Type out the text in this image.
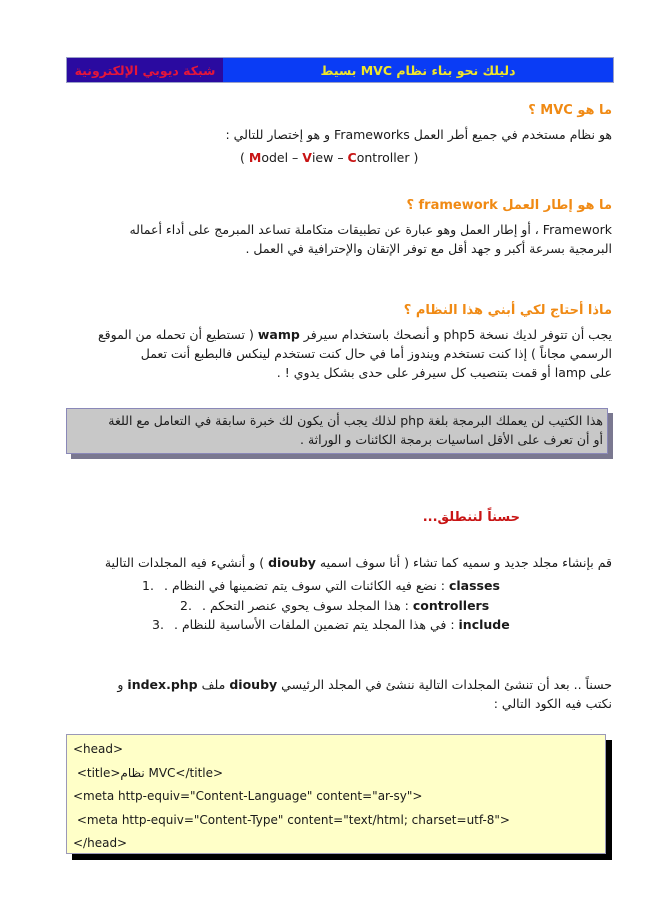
شبكة ديوبي الإلكترونية	دليلك نحو بناء نظام MVC بسيط
ما هو MVC ؟
هو نظام مستخدم في جميع أطر العمل Frameworks و هو إختصار للتالي :
( Model – View – Controller )
ما هو إطار العمل framework ؟
Framework ، أو إطار العمل وهو عبارة عن تطبيقات متكاملة تساعد المبرمج على أداء أعماله
البرمجية بسرعة أكبر و جهد أقل مع توفر الإتقان والإحترافية في العمل .
ماذا أحتاج لكي أبني هذا النظام ؟
يجب أن تتوفر لديك نسخة php5 و أنصحك باستخدام سيرفر wamp ( تستطيع أن تحمله من الموقع
الرسمي مجاناً ) إذا كنت تستخدم ويندوز أما في حال كنت تستخدم لينكس فالبطبع أنت تعمل
على lamp أو قمت بتنصيب كل سيرفر على حدى بشكل يدوي ! .
هذا الكتيب لن يعملك البرمجة بلغة php لذلك يجب أن يكون لك خبرة سابقة في التعامل مع اللغة
أو أن تعرف على الأقل اساسيات برمجة الكائنات و الوراثة .
حسناً لننطلق...
قم بإنشاء مجلد جديد و سميه كما تشاء ( أنا سوف اسميه diouby ) و أنشيء فيه المجلدات التالية
1.	classes : نضع فيه الكائنات التي سوف يتم تضمينها في النظام .
2.	controllers : هذا المجلد سوف يحوي عنصر التحكم .
3.	include : في هذا المجلد يتم تضمين الملفات الأساسية للنظام .
حسناً .. بعد أن تنشئ المجلدات التالية ننشئ في المجلد الرئيسي diouby ملف index.php و
نكتب فيه الكود التالي :
<head>
<title>نظام MVC</title>
<meta http-equiv="Content-Language" content="ar-sy">
<meta http-equiv="Content-Type" content="text/html; charset=utf-8">
</head>
